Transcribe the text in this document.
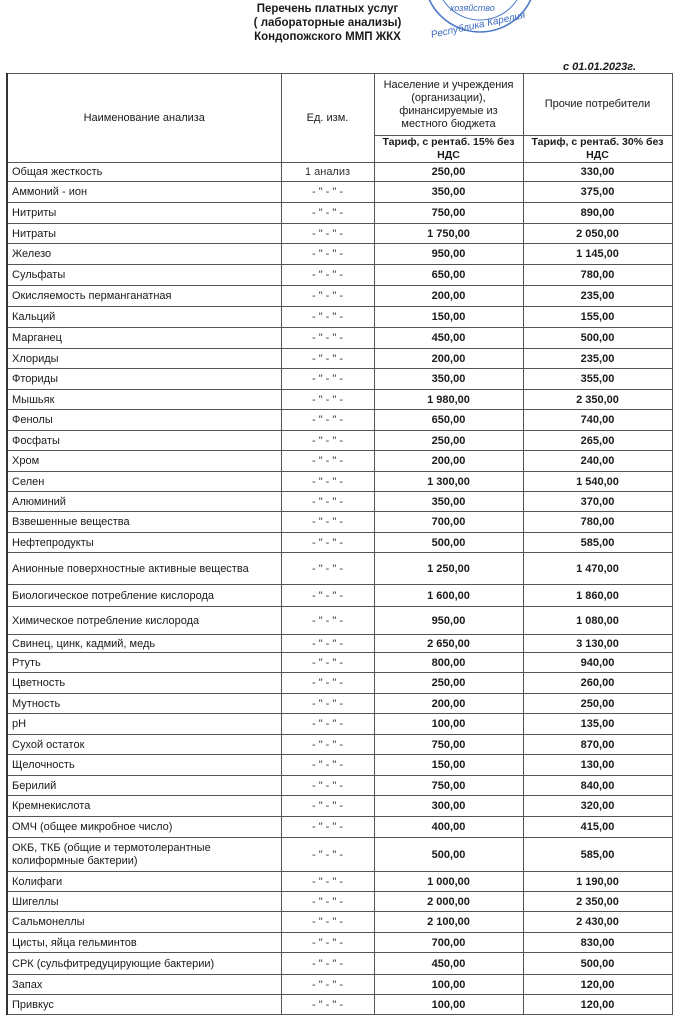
Перечень платных услуг
( лабораторные анализы)
Кондопожского ММП ЖКХ
хозяйство
Республика Карелия
с 01.01.2023г.
Наименование анализа	Ед. изм.	Население и учреждения (организации), финансируемые из местного бюджета	Прочие потребители
		Тариф, с рентаб. 15% без НДС	Тариф, с рентаб. 30% без НДС
Общая жесткость	1 анализ	250,00	330,00
Аммоний - ион	- " - " -	350,00	375,00
Нитриты	- " - " -	750,00	890,00
Нитраты	- " - " -	1 750,00	2 050,00
Железо	- " - " -	950,00	1 145,00
Сульфаты	- " - " -	650,00	780,00
Окисляемость перманганатная	- " - " -	200,00	235,00
Кальций	- " - " -	150,00	155,00
Марганец	- " - " -	450,00	500,00
Хлориды	- " - " -	200,00	235,00
Фториды	- " - " -	350,00	355,00
Мышьяк	- " - " -	1 980,00	2 350,00
Фенолы	- " - " -	650,00	740,00
Фосфаты	- " - " -	250,00	265,00
Хром	- " - " -	200,00	240,00
Селен	- " - " -	1 300,00	1 540,00
Алюминий	- " - " -	350,00	370,00
Взвешенные вещества	- " - " -	700,00	780,00
Нефтепродукты	- " - " -	500,00	585,00
Анионные поверхностные активные вещества	- " - " -	1 250,00	1 470,00
Биологическое потребление кислорода	- " - " -	1 600,00	1 860,00
Химическое потребление кислорода	- " - " -	950,00	1 080,00
Свинец, цинк, кадмий, медь	- " - " -	2 650,00	3 130,00
Ртуть	- " - " -	800,00	940,00
Цветность	- " - " -	250,00	260,00
Мутность	- " - " -	200,00	250,00
pH	- " - " -	100,00	135,00
Сухой остаток	- " - " -	750,00	870,00
Щелочность	- " - " -	150,00	130,00
Берилий	- " - " -	750,00	840,00
Кремнекислота	- " - " -	300,00	320,00
ОМЧ (общее микробное число)	- " - " -	400,00	415,00
ОКБ, ТКБ (общие и термотолерантные колиформные бактерии)	- " - " -	500,00	585,00
Колифаги	- " - " -	1 000,00	1 190,00
Шигеллы	- " - " -	2 000,00	2 350,00
Сальмонеллы	- " - " -	2 100,00	2 430,00
Цисты, яйца гельминтов	- " - " -	700,00	830,00
СРК (сульфитредуцирующие бактерии)	- " - " -	450,00	500,00
Запах	- " - " -	100,00	120,00
Привкус	- " - " -	100,00	120,00
